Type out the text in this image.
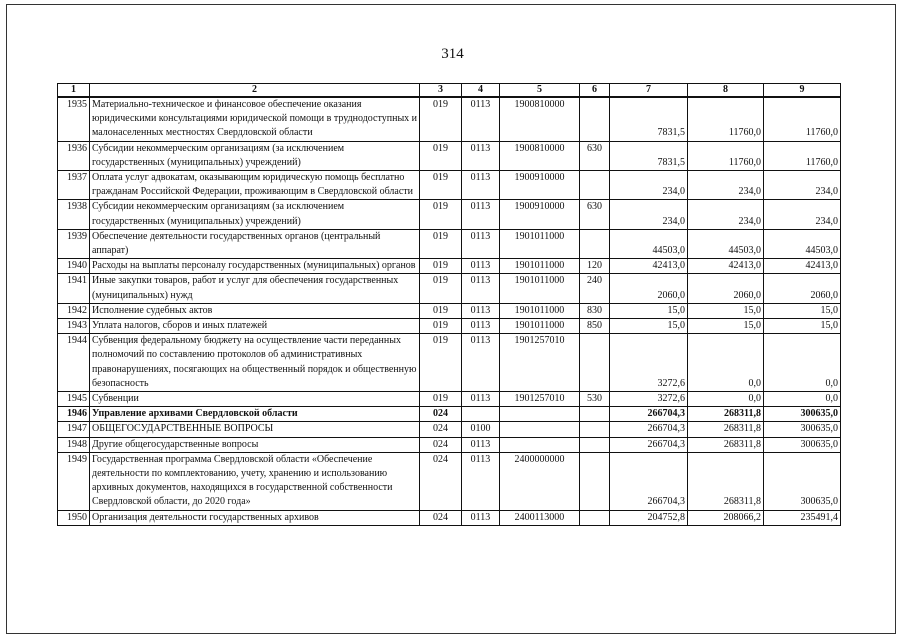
314
1	2	3	4	5	6	7	8	9
1935	Материально-техническое и финансовое обеспечение оказания юридическими консультациями юридической помощи в труднодоступных и малонаселенных местностях Свердловской области	019	0113	1900810000		7831,5	11760,0	11760,0
1936	Субсидии некоммерческим организациям (за исключением государственных (муниципальных) учреждений)	019	0113	1900810000	630	7831,5	11760,0	11760,0
1937	Оплата услуг адвокатам, оказывающим юридическую помощь бесплатно гражданам Российской Федерации, проживающим в Свердловской области	019	0113	1900910000		234,0	234,0	234,0
1938	Субсидии некоммерческим организациям (за исключением государственных (муниципальных) учреждений)	019	0113	1900910000	630	234,0	234,0	234,0
1939	Обеспечение деятельности государственных органов (центральный аппарат)	019	0113	1901011000		44503,0	44503,0	44503,0
1940	Расходы на выплаты персоналу государственных (муниципальных) органов	019	0113	1901011000	120	42413,0	42413,0	42413,0
1941	Иные закупки товаров, работ и услуг для обеспечения государственных (муниципальных) нужд	019	0113	1901011000	240	2060,0	2060,0	2060,0
1942	Исполнение судебных актов	019	0113	1901011000	830	15,0	15,0	15,0
1943	Уплата налогов, сборов и иных платежей	019	0113	1901011000	850	15,0	15,0	15,0
1944	Субвенция федеральному бюджету на осуществление части переданных полномочий по составлению протоколов об административных правонарушениях, посягающих на общественный порядок и общественную безопасность	019	0113	1901257010		3272,6	0,0	0,0
1945	Субвенции	019	0113	1901257010	530	3272,6	0,0	0,0
1946	Управление архивами Свердловской области	024				266704,3	268311,8	300635,0
1947	ОБЩЕГОСУДАРСТВЕННЫЕ ВОПРОСЫ	024	0100			266704,3	268311,8	300635,0
1948	Другие общегосударственные вопросы	024	0113			266704,3	268311,8	300635,0
1949	Государственная программа Свердловской области «Обеспечение деятельности по комплектованию, учету, хранению и использованию архивных документов, находящихся в государственной собственности Свердловской области, до 2020 года»	024	0113	2400000000		266704,3	268311,8	300635,0
1950	Организация деятельности государственных архивов	024	0113	2400113000		204752,8	208066,2	235491,4
